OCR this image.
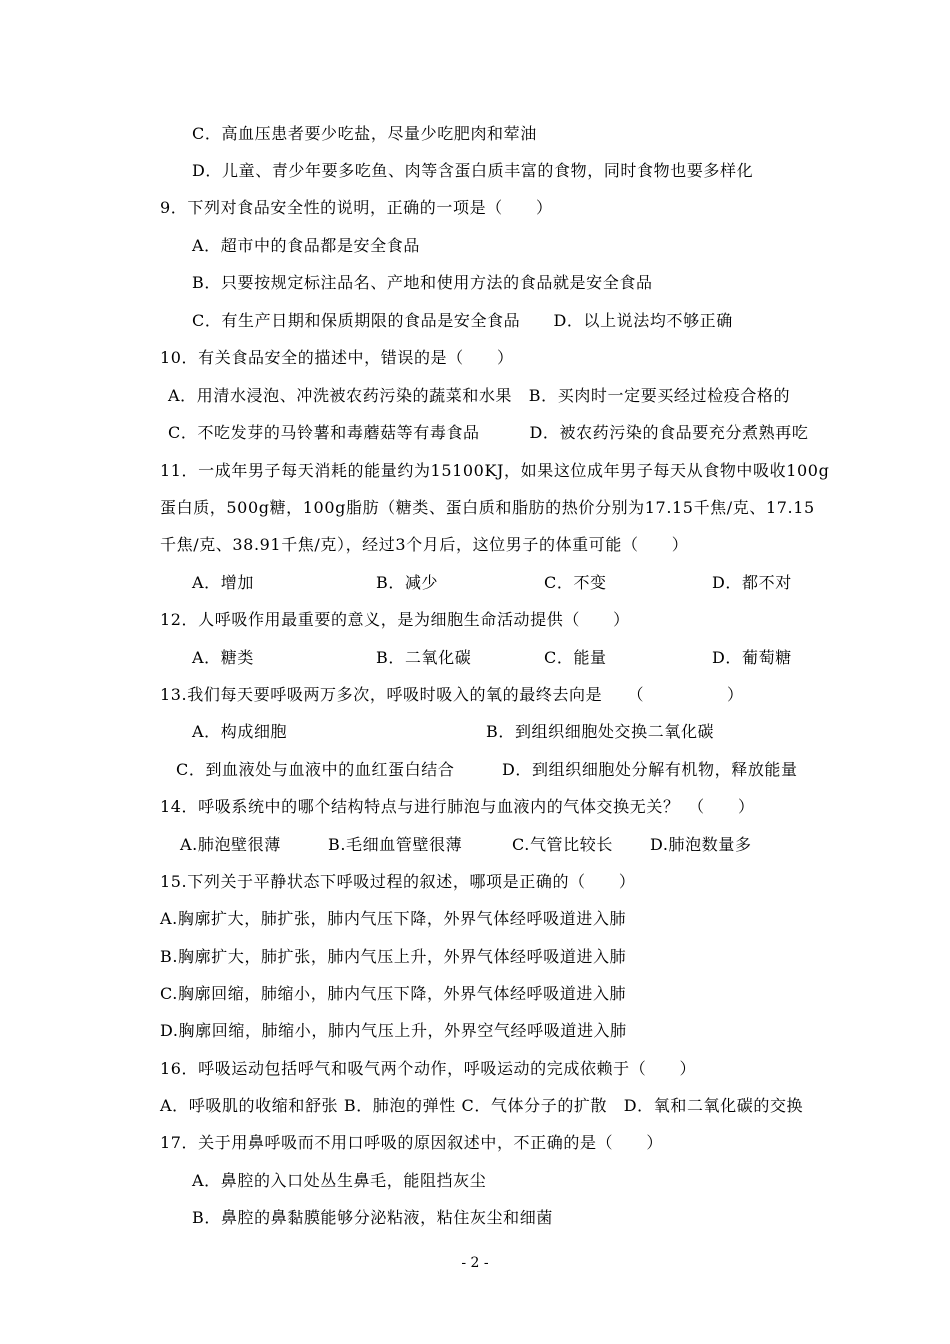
C．高血压患者要少吃盐，尽量少吃肥肉和荤油
D．儿童、青少年要多吃鱼、肉等含蛋白质丰富的食物，同时食物也要多样化
9．下列对食品安全性的说明，正确的一项是（　　）
A．超市中的食品都是安全食品
B．只要按规定标注品名、产地和使用方法的食品就是安全食品
C．有生产日期和保质期限的食品是安全食品　　D．以上说法均不够正确
10．有关食品安全的描述中，错误的是（　　）
A．用清水浸泡、冲洗被农药污染的蔬菜和水果　B．买肉时一定要买经过检疫合格的
C．不吃发芽的马铃薯和毒蘑菇等有毒食品　　　D．被农药污染的食品要充分煮熟再吃
11．一成年男子每天消耗的能量约为15100KJ，如果这位成年男子每天从食物中吸收100g
蛋白质，500g糖，100g脂肪（糖类、蛋白质和脂肪的热价分别为17.15千焦/克、17.15
千焦/克、38.91千焦/克），经过3个月后，这位男子的体重可能（　　）
A．增加	B．减少	C．不变	D．都不对
12．人呼吸作用最重要的意义，是为细胞生命活动提供（　　）
A．糖类	B．二氧化碳	C．能量	D．葡萄糖
13.我们每天要呼吸两万多次，呼吸时吸入的氧的最终去向是　　（　　　　　）
A．构成细胞	B．到组织细胞处交换二氧化碳
C．到血液处与血液中的血红蛋白结合	D．到组织细胞处分解有机物，释放能量
14．呼吸系统中的哪个结构特点与进行肺泡与血液内的气体交换无关？　（　　）
A.肺泡壁很薄	B.毛细血管壁很薄	C.气管比较长 D.肺泡数量多
15.下列关于平静状态下呼吸过程的叙述，哪项是正确的（　　）
A.胸廓扩大，肺扩张，肺内气压下降，外界气体经呼吸道进入肺
B.胸廓扩大，肺扩张，肺内气压上升，外界气体经呼吸道进入肺
C.胸廓回缩，肺缩小，肺内气压下降，外界气体经呼吸道进入肺
D.胸廓回缩，肺缩小，肺内气压上升，外界空气经呼吸道进入肺
16．呼吸运动包括呼气和吸气两个动作，呼吸运动的完成依赖于（　　）
A．呼吸肌的收缩和舒张 B．肺泡的弹性 C．气体分子的扩散　D．氧和二氧化碳的交换
17．关于用鼻呼吸而不用口呼吸的原因叙述中，不正确的是（　　）
A．鼻腔的入口处丛生鼻毛，能阻挡灰尘
B．鼻腔的鼻黏膜能够分泌粘液，粘住灰尘和细菌
- 2 -
